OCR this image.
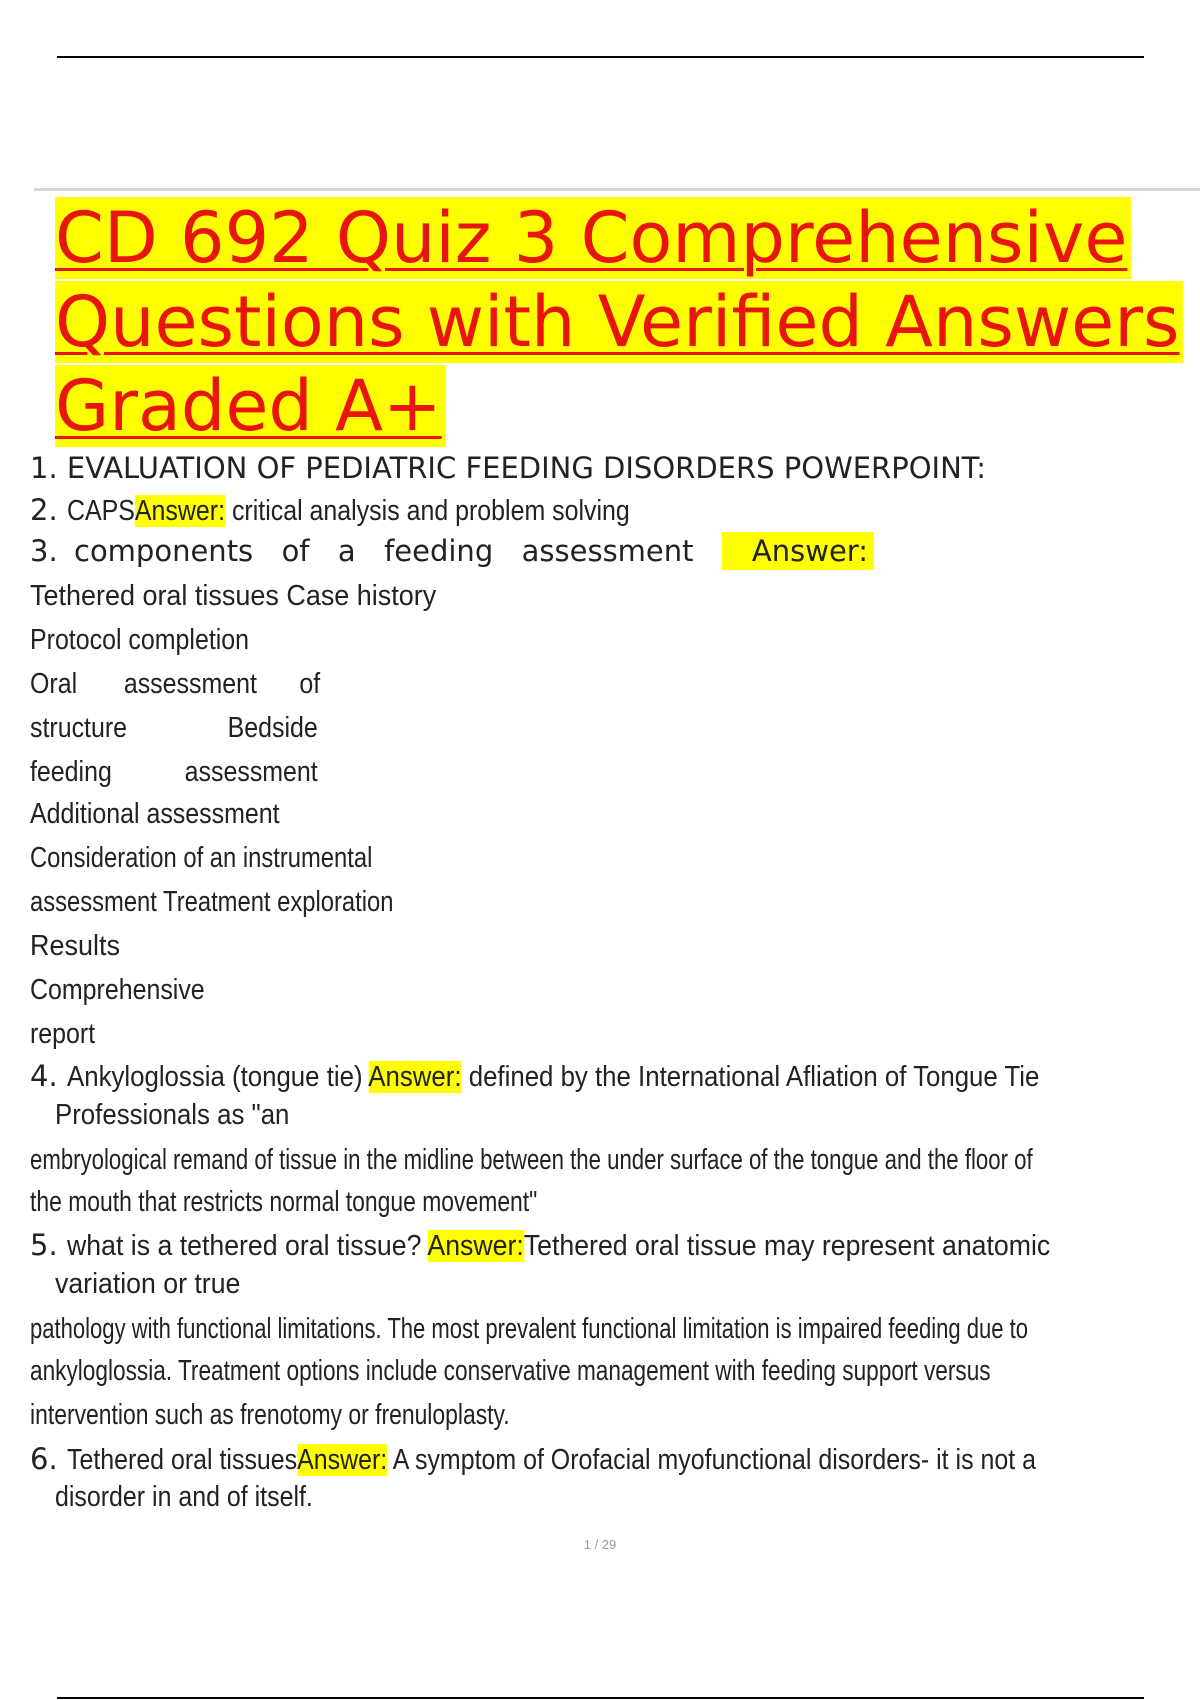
CD 692 Quiz 3 Comprehensive
Questions with Verified Answers
Graded A+
1. EVALUATION OF PEDIATRIC FEEDING DISORDERS POWERPOINT:
2. CAPSAnswer: critical analysis and problem solving
3. components of a feeding assessment	Answer:
Tethered oral tissues Case history
Protocol completion
Oral assessment of
structure	Bedside
feeding	assessment
Additional assessment
Consideration of an instrumental
assessment Treatment exploration
Results
Comprehensive
report
4. Ankyloglossia (tongue tie) Answer: defined by the International Afliation of Tongue Tie
Professionals as "an
embryological remand of tissue in the midline between the under surface of the tongue and the floor of
the mouth that restricts normal tongue movement"
5. what is a tethered oral tissue? Answer:Tethered oral tissue may represent anatomic
variation or true
pathology with functional limitations. The most prevalent functional limitation is impaired feeding due to
ankyloglossia. Treatment options include conservative management with feeding support versus
intervention such as frenotomy or frenuloplasty.
6. Tethered oral tissuesAnswer: A symptom of Orofacial myofunctional disorders- it is not a
disorder in and of itself.
1 / 29
